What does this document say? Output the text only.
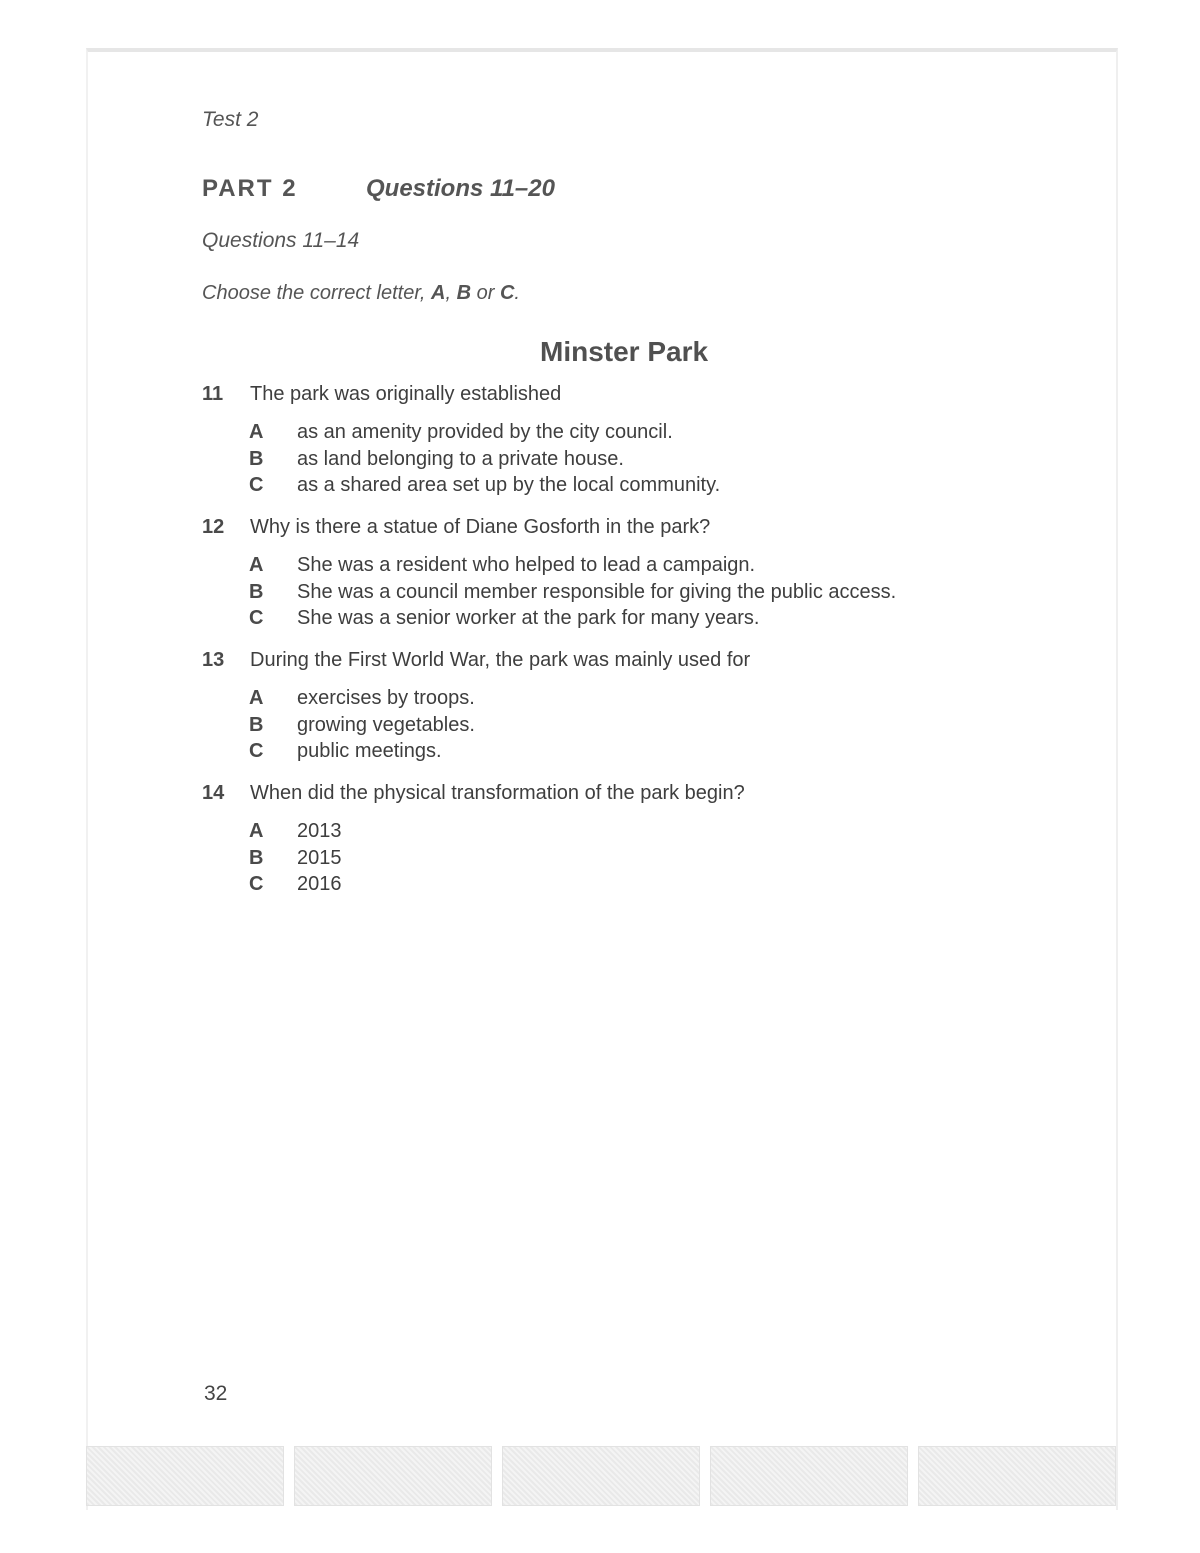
Test 2
PART 2	Questions 11–20
Questions 11–14
Choose the correct letter, A, B or C.
Minster Park
11	The park was originally established
A	as an amenity provided by the city council.
B	as land belonging to a private house.
C	as a shared area set up by the local community.
12	Why is there a statue of Diane Gosforth in the park?
A	She was a resident who helped to lead a campaign.
B	She was a council member responsible for giving the public access.
C	She was a senior worker at the park for many years.
13	During the First World War, the park was mainly used for
A	exercises by troops.
B	growing vegetables.
C	public meetings.
14	When did the physical transformation of the park begin?
A	2013
B	2015
C	2016
32
